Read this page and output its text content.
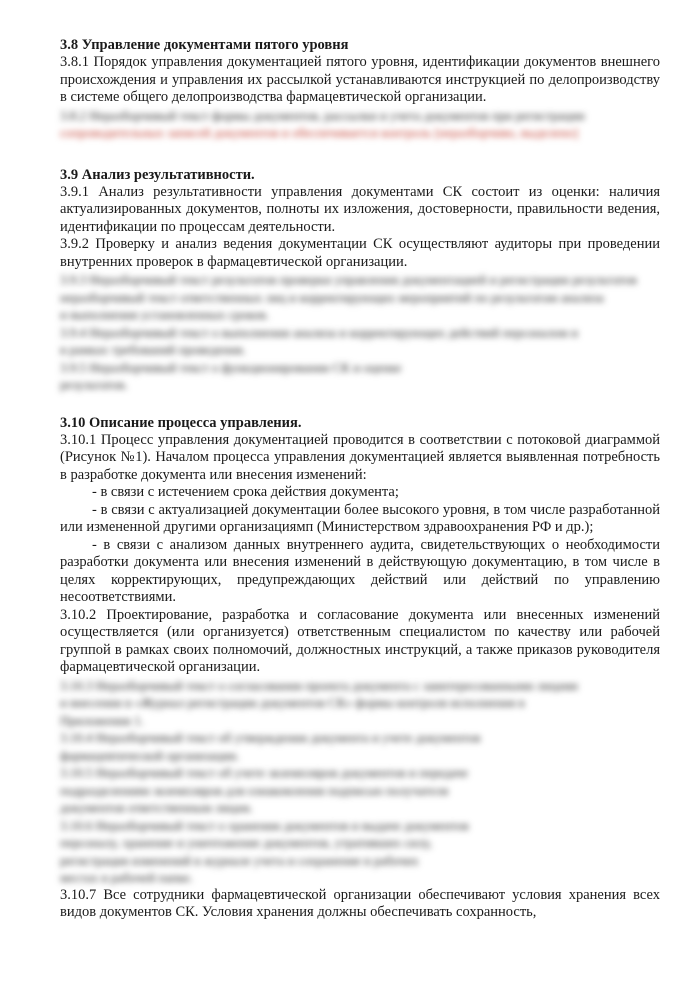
3.8 Управление документами пятого уровня

3.8.1 Порядок управления документацией пятого уровня, идентификации документов внешнего происхождения и управления их рассылкой устанавливаются инструкцией по делопроизводству в системе общего делопроизводства фармацевтической организации.

3.8.2 Неразборчивый текст формы документов, рассылки и учета документов при регистрации
сопроводительных записей документов и обеспечивается контроль [неразборчиво, выделено]

3.9 Анализ результативности.

3.9.1 Анализ результативности управления документами СК состоит из оценки: наличия актуализированных документов, полноты их изложения, достоверности, правильности ведения, идентификации по процессам деятельности.

3.9.2 Проверку и анализ ведения документации СК осуществляют аудиторы при проведении внутренних проверок в фармацевтической организации.

3.9.3 Неразборчивый текст результатов проверки управления документацией и регистрации результатов
неразборчивый текст ответственных лиц и корректирующих мероприятий по результатам анализа
и выполнения установленных сроков.
3.9.4 Неразборчивый текст о выполнении анализа и корректирующих действий персоналом и
в рамках требований проведения.
3.9.5 Неразборчивый текст о функционировании СК и оценке
результатов.

3.10 Описание процесса управления.

3.10.1 Процесс управления документацией проводится в соответствии с потоковой диаграммой (Рисунок №1). Началом процесса управления документацией является выявленная потребность в разработке документа или внесения изменений:

- в связи с истечением срока действия документа;

- в связи с актуализацией документации более высокого уровня, в том числе разработанной или измененной другими организациямп (Министерством здравоохранения РФ и др.);

- в связи с анализом данных внутреннего аудита, свидетельствующих о необходимости разработки документа или внесения изменений в действующую документацию, в том числе в целях корректирующих, предупреждающих действий или действий по управлению несоответствиями.

3.10.2 Проектирование, разработка и согласование документа или внесенных изменений осуществляется (или организуется) ответственным специалистом по качеству или рабочей группой в рамках своих полномочий, должностных инструкций, а также приказов руководителя фармацевтической организации.

3.10.3 Неразборчивый текст о согласовании проекта документа с заинтересованными лицами
и внесении в «Журнал регистрации документов СК» формы контроля исполнения в
Приложении 1.
3.10.4 Неразборчивый текст об утверждении документа и учете документов
фармацевтической организации.
3.10.5 Неразборчивый текст об учете экземпляров документов и передаче
подразделениям экземпляров для ознакомления подписью получателя
документов ответственным лицам.
3.10.6 Неразборчивый текст о хранении документов и выдаче документов
персоналу, хранение и уничтожение документов, утративших силу,
регистрация изменений в журнале учета и сохранение в рабочих
местах в рабочей папке.

3.10.7 Все сотрудники фармацевтической организации обеспечивают условия хранения всех видов документов СК. Условия хранения должны обеспечивать сохранность,
